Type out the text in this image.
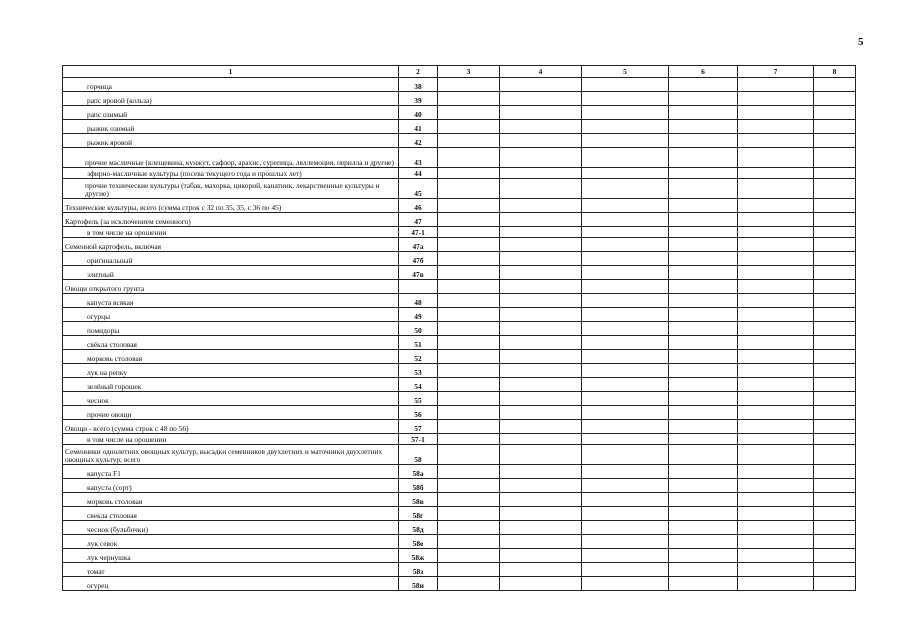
5
1	2	3	4	5	6	7	8
горчица	38						
рапс яровой (кольза)	39						
рапс озимый	40						
рыжик озимый	41						
рыжик яровой	42						
прочие масличные (клещевина, кунжут, сафлор, арахис, сурепица, ляллемоция, перилла и другие)	43						
эфирно-масличные культуры (посева текущего года и прошлых лет)	44						
прочие технические культуры (табак, махорка, цикорий, канатник, лекарственные культуры и другие)	45						
Технические культуры, всего (сумма строк с 32 по 35, 35, с 36 по 45)	46						
Картофель (за исключением семенного)	47						
в том числе на орошении	47-1						
Семенной картофель, включая	47а						
оригинальный	47б						
элитный	47в						
Овощи открытого грунта							
капуста всякая	48						
огурцы	49						
помидоры	50						
свёкла столовая	51						
морковь столовая	52						
лук на репку	53						
зелёный горошек	54						
чеснок	55						
прочие овощи	56						
Овощи - всего (сумма строк с 48 по 56)	57						
в том числе на орошении	57-1						
Семенники однолетних овощных культур, высадки семенников двухлетних и маточники двухлетних овощных культур, всего	58						
капуста F1	58а						
капуста (сорт)	58б						
морковь столовая	58в						
свекла столовая	58г						
чеснок (бульбочки)	58д						
лук севок	58е						
лук чернушка	58ж						
томат	58з						
огурец	58и						
